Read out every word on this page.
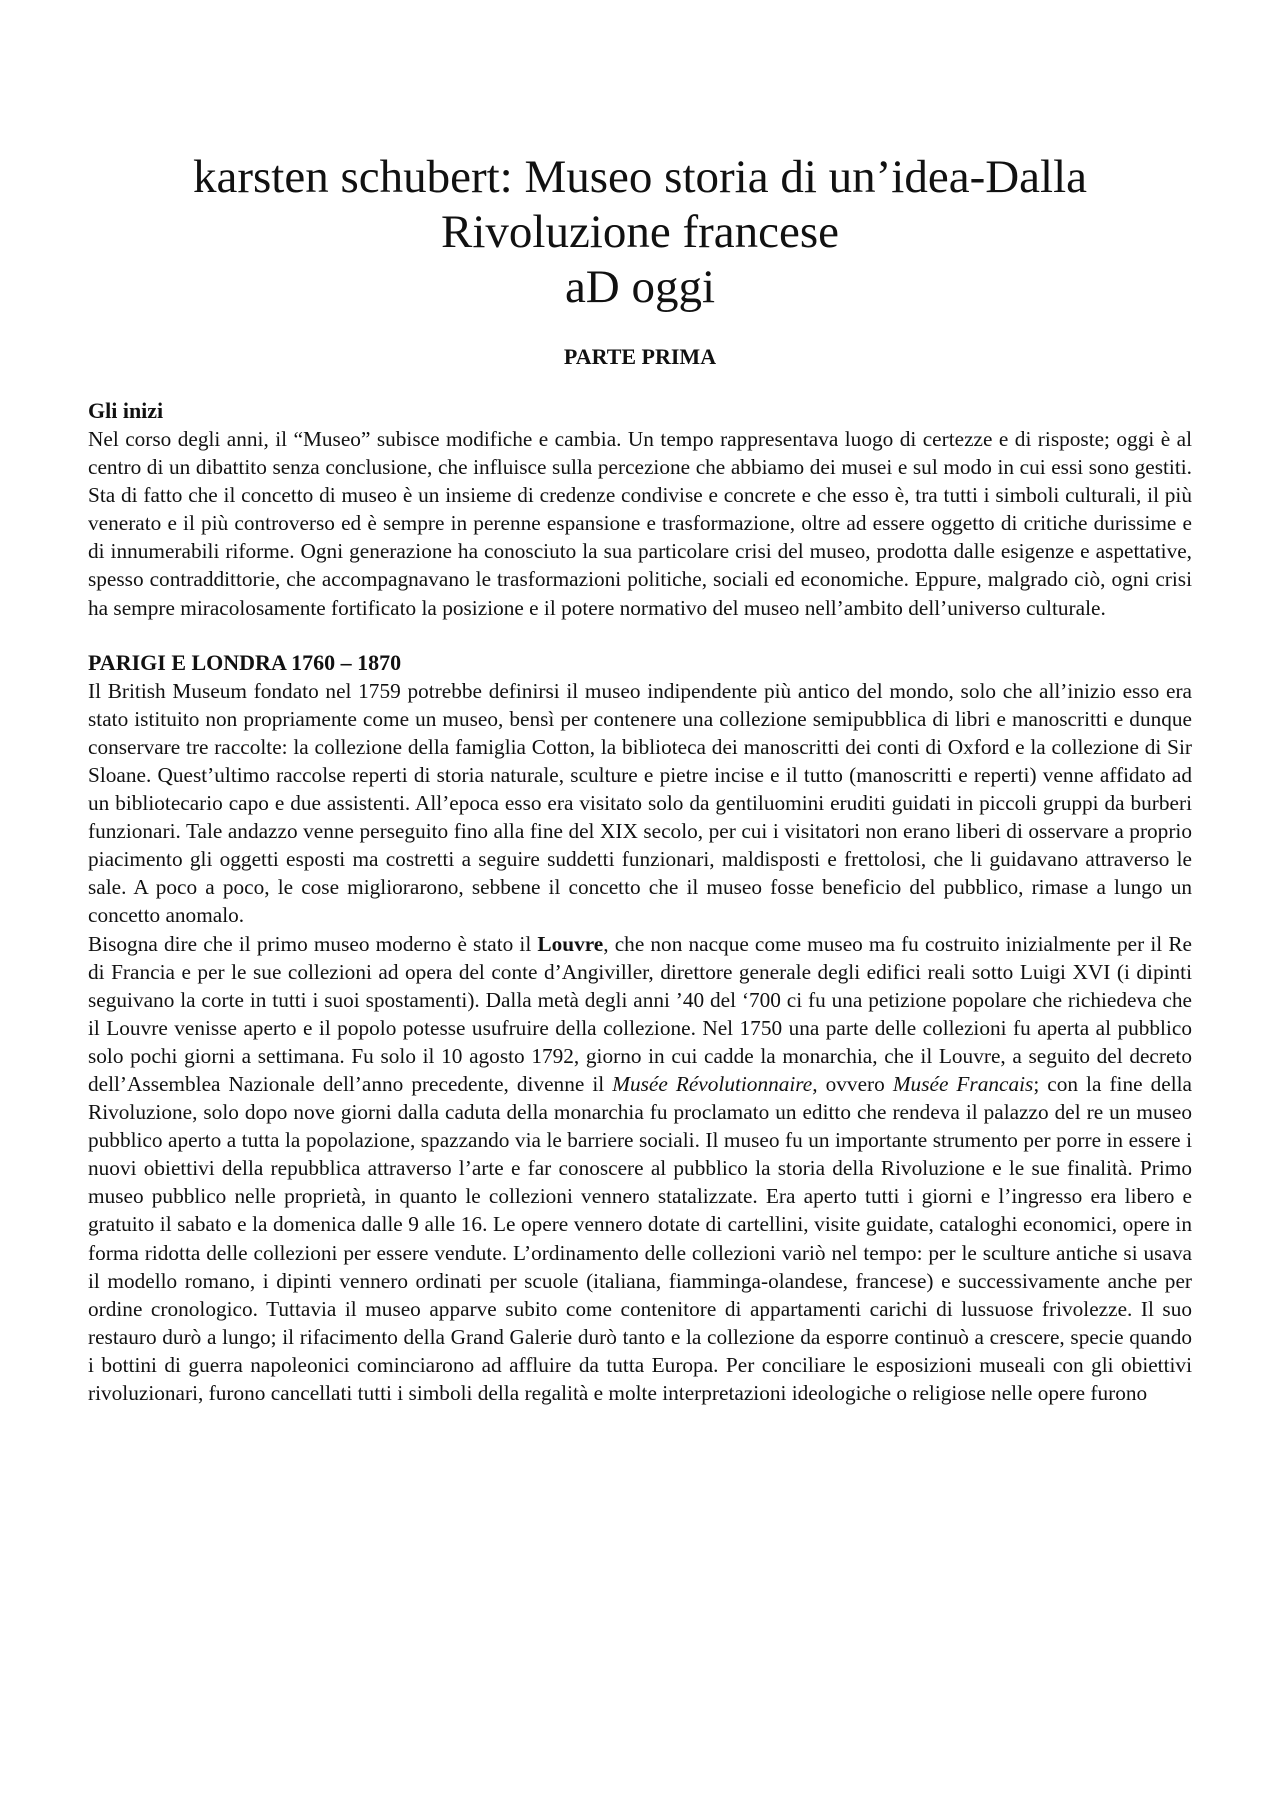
karsten schubert: Museo storia di un’idea-Dalla
Rivoluzione francese
aD oggi
PARTE PRIMA
Gli inizi

Nel corso degli anni, il “Museo” subisce modifiche e cambia. Un tempo rappresentava luogo di certezze e di risposte; oggi è al centro di un dibattito senza conclusione, che influisce sulla percezione che abbiamo dei musei e sul modo in cui essi sono gestiti. Sta di fatto che il concetto di museo è un insieme di credenze condivise e concrete e che esso è, tra tutti i simboli culturali, il più venerato e il più controverso ed è sempre in perenne espansione e trasformazione, oltre ad essere oggetto di critiche durissime e di innumerabili riforme. Ogni generazione ha conosciuto la sua particolare crisi del museo, prodotta dalle esigenze e aspettative, spesso contraddittorie, che accompagnavano le trasformazioni politiche, sociali ed economiche. Eppure, malgrado ciò, ogni crisi ha sempre miracolosamente fortificato la posizione e il potere normativo del museo nell’ambito dell’universo culturale.

PARIGI E LONDRA 1760 – 1870

Il British Museum fondato nel 1759 potrebbe definirsi il museo indipendente più antico del mondo, solo che all’inizio esso era stato istituito non propriamente come un museo, bensì per contenere una collezione semipubblica di libri e manoscritti e dunque conservare tre raccolte: la collezione della famiglia Cotton, la biblioteca dei manoscritti dei conti di Oxford e la collezione di Sir Sloane. Quest’ultimo raccolse reperti di storia naturale, sculture e pietre incise e il tutto (manoscritti e reperti) venne affidato ad un bibliotecario capo e due assistenti. All’epoca esso era visitato solo da gentiluomini eruditi guidati in piccoli gruppi da burberi funzionari. Tale andazzo venne perseguito fino alla fine del XIX secolo, per cui i visitatori non erano liberi di osservare a proprio piacimento gli oggetti esposti ma costretti a seguire suddetti funzionari, maldisposti e frettolosi, che li guidavano attraverso le sale. A poco a poco, le cose migliorarono, sebbene il concetto che il museo fosse beneficio del pubblico, rimase a lungo un concetto anomalo.

Bisogna dire che il primo museo moderno è stato il Louvre, che non nacque come museo ma fu costruito inizialmente per il Re di Francia e per le sue collezioni ad opera del conte d’Angiviller, direttore generale degli edifici reali sotto Luigi XVI (i dipinti seguivano la corte in tutti i suoi spostamenti). Dalla metà degli anni ’40 del ‘700 ci fu una petizione popolare che richiedeva che il Louvre venisse aperto e il popolo potesse usufruire della collezione. Nel 1750 una parte delle collezioni fu aperta al pubblico solo pochi giorni a settimana. Fu solo il 10 agosto 1792, giorno in cui cadde la monarchia, che il Louvre, a seguito del decreto dell’Assemblea Nazionale dell’anno precedente, divenne il Musée Révolutionnaire, ovvero Musée Francais; con la fine della Rivoluzione, solo dopo nove giorni dalla caduta della monarchia fu proclamato un editto che rendeva il palazzo del re un museo pubblico aperto a tutta la popolazione, spazzando via le barriere sociali. Il museo fu un importante strumento per porre in essere i nuovi obiettivi della repubblica attraverso l’arte e far conoscere al pubblico la storia della Rivoluzione e le sue finalità. Primo museo pubblico nelle proprietà, in quanto le collezioni vennero statalizzate. Era aperto tutti i giorni e l’ingresso era libero e gratuito il sabato e la domenica dalle 9 alle 16. Le opere vennero dotate di cartellini, visite guidate, cataloghi economici, opere in forma ridotta delle collezioni per essere vendute. L’ordinamento delle collezioni variò nel tempo: per le sculture antiche si usava il modello romano, i dipinti vennero ordinati per scuole (italiana, fiamminga-olandese, francese) e successivamente anche per ordine cronologico. Tuttavia il museo apparve subito come contenitore di appartamenti carichi di lussuose frivolezze. Il suo restauro durò a lungo; il rifacimento della Grand Galerie durò tanto e la collezione da esporre continuò a crescere, specie quando i bottini di guerra napoleonici cominciarono ad affluire da tutta Europa. Per conciliare le esposizioni museali con gli obiettivi rivoluzionari, furono cancellati tutti i simboli della regalità e molte interpretazioni ideologiche o religiose nelle opere furono
